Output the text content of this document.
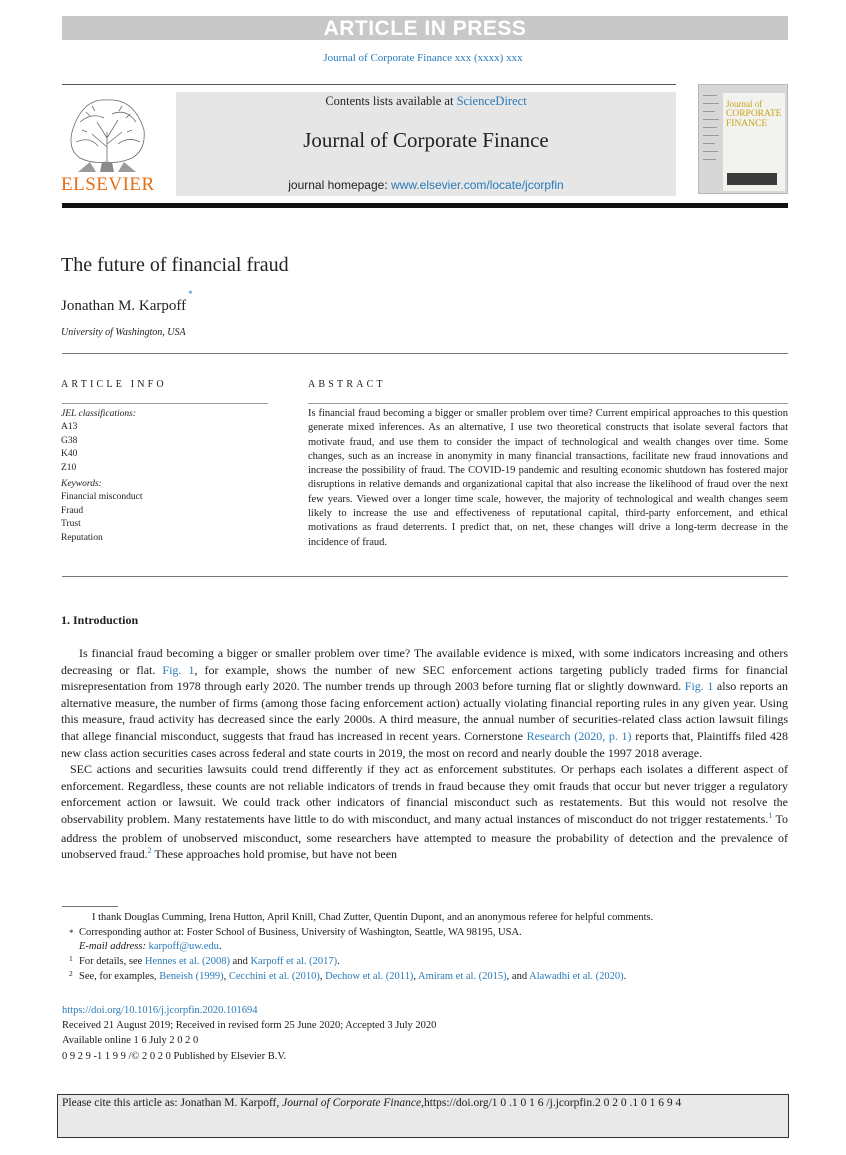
ARTICLE IN PRESS
Journal of Corporate Finance xxx (xxxx) xxx
ELSEVIER
Contents lists available at ScienceDirect
Journal of Corporate Finance
journal homepage: www.elsevier.com/locate/jcorpfin
Journal of
CORPORATE
FINANCE
The future of financial fraud
Jonathan M. Karpoff*
University of Washington, USA
ARTICLE INFO	ABSTRACT
JEL classifications:
A13
G38
K40
Z10
Keywords:
Financial misconduct
Fraud
Trust
Reputation
Is financial fraud becoming a bigger or smaller problem over time? Current empirical approaches to this question generate mixed inferences. As an alternative, I use two theoretical constructs that isolate several factors that motivate fraud, and use them to consider the impact of technological and wealth changes over time. Some changes, such as an increase in anonymity in many financial transactions, facilitate new fraud innovations and increase the possibility of fraud. The COVID-19 pandemic and resulting economic shutdown has fostered major disruptions in relative demands and organizational capital that also increase the likelihood of fraud over the next few years. Viewed over a longer time scale, however, the majority of technological and wealth changes seem likely to increase the use and effectiveness of reputational capital, third-party enforcement, and ethical motivations as fraud deterrents. I predict that, on net, these changes will drive a long-term decrease in the incidence of fraud.
1. Introduction

Is financial fraud becoming a bigger or smaller problem over time? The available evidence is mixed, with some indicators increasing and others decreasing or flat. Fig. 1, for example, shows the number of new SEC enforcement actions targeting publicly traded firms for financial misrepresentation from 1978 through early 2020. The number trends up through 2003 before turning flat or slightly downward. Fig. 1 also reports an alternative measure, the number of firms (among those facing enforcement action) actually violating financial reporting rules in any given year. Using this measure, fraud activity has decreased since the early 2000s. A third measure, the annual number of securities-related class action lawsuit filings that allege financial misconduct, suggests that fraud has increased in recent years. Cornerstone Research (2020, p. 1) reports that, Plaintiffs filed 428 new class action securities cases across federal and state courts in 2019, the most on record and nearly double the 1997 2018 average.

SEC actions and securities lawsuits could trend differently if they act as enforcement substitutes. Or perhaps each isolates a different aspect of enforcement. Regardless, these counts are not reliable indicators of trends in fraud because they omit frauds that occur but never trigger a regulatory enforcement action or lawsuit. We could track other indicators of financial misconduct such as restatements. But this would not resolve the observability problem. Many restatements have little to do with misconduct, and many actual instances of misconduct do not trigger restatements.$^1$ To address the problem of unobserved misconduct, some researchers have attempted to measure the probability of detection and the prevalence of unobserved fraud.$^2$ These approaches hold promise, but have not been

I thank Douglas Cumming, Irena Hutton, April Knill, Chad Zutter, Quentin Dupont, and an anonymous referee for helpful comments.
* Corresponding author at: Foster School of Business, University of Washington, Seattle, WA 98195, USA.
E-mail address: karpoff@uw.edu.
1 For details, see Hennes et al. (2008) and Karpoff et al. (2017).
2 See, for examples, Beneish (1999), Cecchini et al. (2010), Dechow et al. (2011), Amiram et al. (2015), and Alawadhi et al. (2020).
https://doi.org/10.1016/j.jcorpfin.2020.101694
Received 21 August 2019; Received in revised form 25 June 2020; Accepted 3 July 2020
Available online 1 6 July 2 0 2 0
0 9 2 9 -1 1 9 9 /© 2 0 2 0 Published by Elsevier B.V.
Please cite this article as: Jonathan M. Karpoff, Journal of Corporate Finance,https://doi.org/1 0 .1 0 1 6 /j.jcorpfin.2 0 2 0 .1 0 1 6 9 4
